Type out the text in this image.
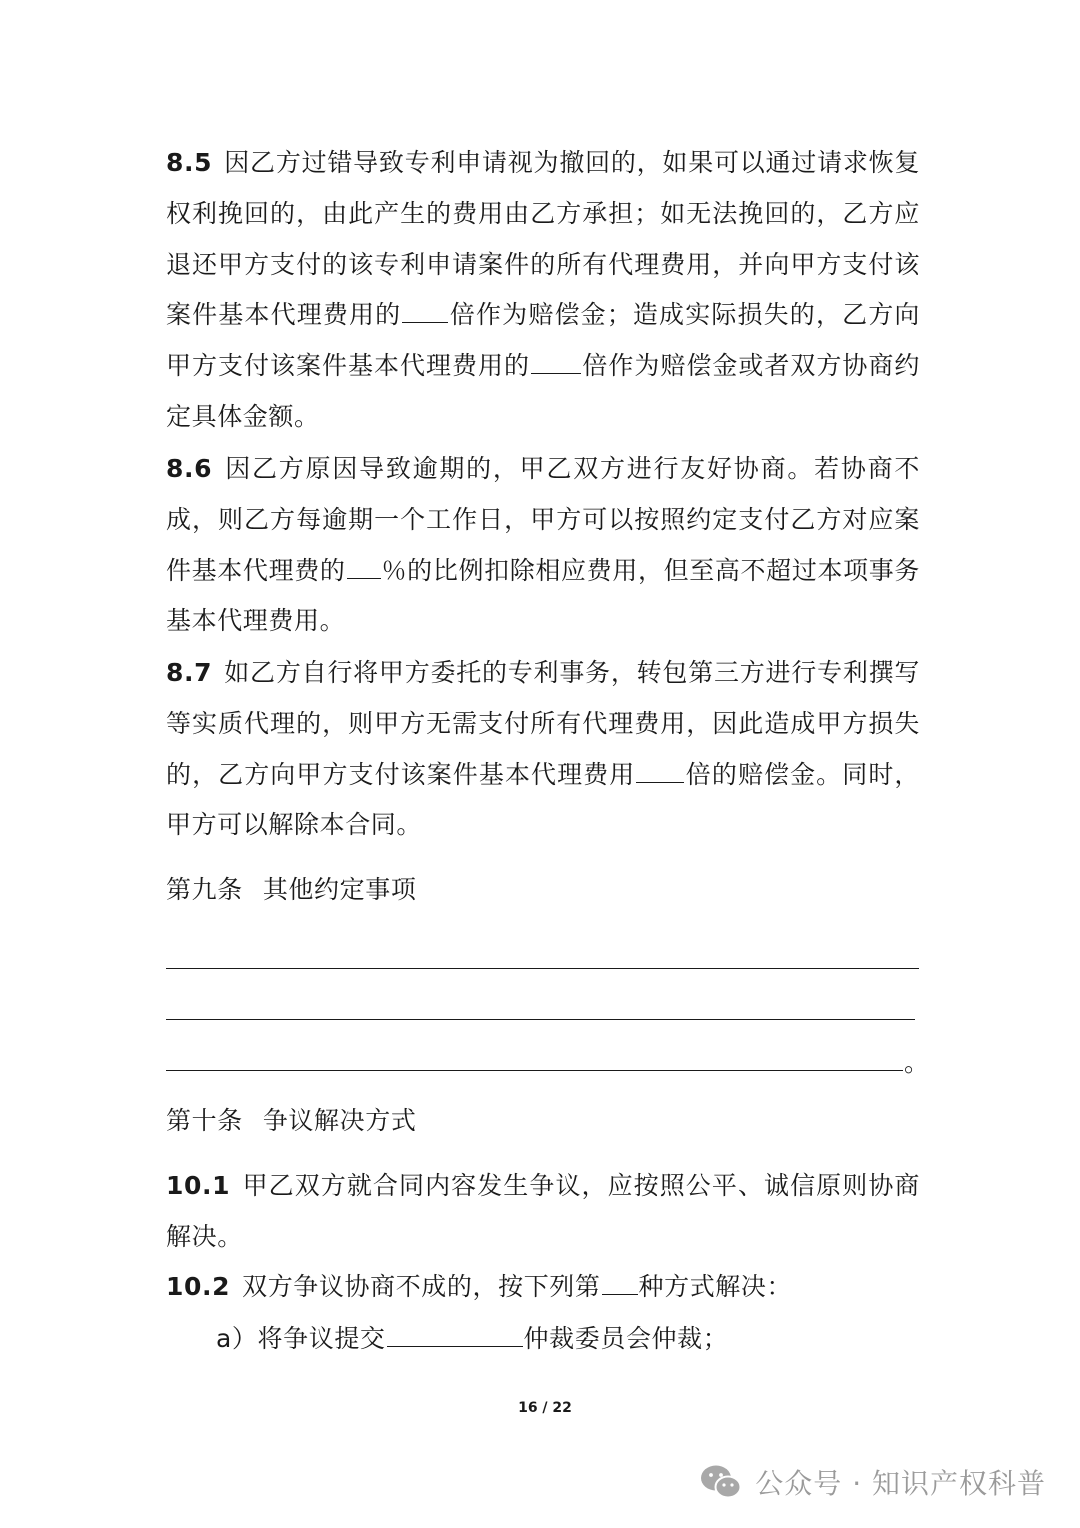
8.5 因乙方过错导致专利申请视为撤回的，如果可以通过请求恢复权利挽回的，由此产生的费用由乙方承担；如无法挽回的，乙方应退还甲方支付的该专利申请案件的所有代理费用，并向甲方支付该案件基本代理费用的 倍作为赔偿金；造成实际损失的，乙方向甲方支付该案件基本代理费用的 倍作为赔偿金或者双方协商约定具体金额。
8.6 因乙方原因导致逾期的，甲乙双方进行友好协商。若协商不成，则乙方每逾期一个工作日，甲方可以按照约定支付乙方对应案件基本代理费的 ％的比例扣除相应费用，但至高不超过本项事务基本代理费用。
8.7 如乙方自行将甲方委托的专利事务，转包第三方进行专利撰写等实质代理的，则甲方无需支付所有代理费用，因此造成甲方损失的，乙方向甲方支付该案件基本代理费用 倍的赔偿金。同时，甲方可以解除本合同。
第九条 其他约定事项
。
第十条 争议解决方式
10.1 甲乙双方就合同内容发生争议，应按照公平、诚信原则协商解决。
10.2 双方争议协商不成的，按下列第 种方式解决：
a）将争议提交	仲裁委员会仲裁；
16 / 22
公众号 · 知识产权科普
